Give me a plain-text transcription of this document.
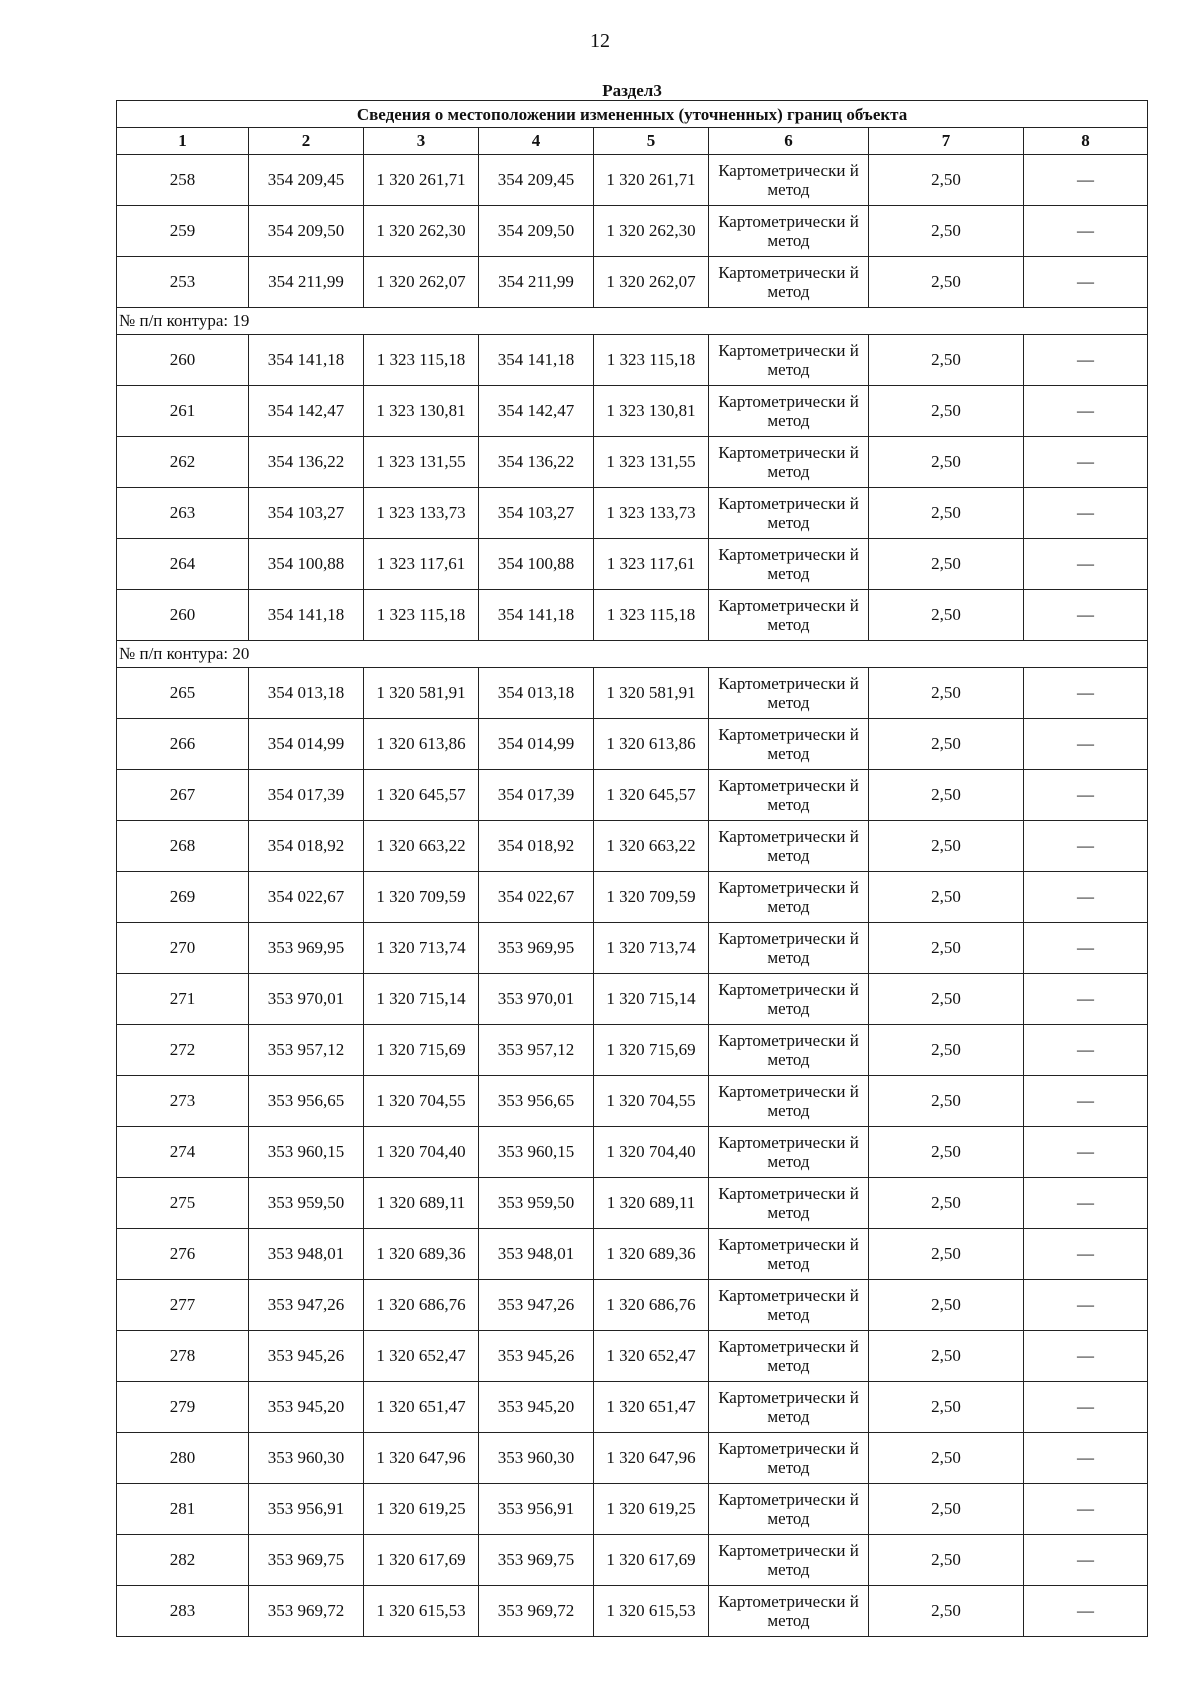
12
Раздел3							
Сведения о местоположении измененных (уточненных) границ объекта							
1	2	3	4	5	6	7	8
258	354 209,45	1 320 261,71	354 209,45	1 320 261,71	Картометрически й метод	2,50	—
259	354 209,50	1 320 262,30	354 209,50	1 320 262,30	Картометрически й метод	2,50	—
253	354 211,99	1 320 262,07	354 211,99	1 320 262,07	Картометрически й метод	2,50	—
№ п/п контура: 19							
260	354 141,18	1 323 115,18	354 141,18	1 323 115,18	Картометрически й метод	2,50	—
261	354 142,47	1 323 130,81	354 142,47	1 323 130,81	Картометрически й метод	2,50	—
262	354 136,22	1 323 131,55	354 136,22	1 323 131,55	Картометрически й метод	2,50	—
263	354 103,27	1 323 133,73	354 103,27	1 323 133,73	Картометрически й метод	2,50	—
264	354 100,88	1 323 117,61	354 100,88	1 323 117,61	Картометрически й метод	2,50	—
260	354 141,18	1 323 115,18	354 141,18	1 323 115,18	Картометрически й метод	2,50	—
№ п/п контура: 20							
265	354 013,18	1 320 581,91	354 013,18	1 320 581,91	Картометрически й метод	2,50	—
266	354 014,99	1 320 613,86	354 014,99	1 320 613,86	Картометрически й метод	2,50	—
267	354 017,39	1 320 645,57	354 017,39	1 320 645,57	Картометрически й метод	2,50	—
268	354 018,92	1 320 663,22	354 018,92	1 320 663,22	Картометрически й метод	2,50	—
269	354 022,67	1 320 709,59	354 022,67	1 320 709,59	Картометрически й метод	2,50	—
270	353 969,95	1 320 713,74	353 969,95	1 320 713,74	Картометрически й метод	2,50	—
271	353 970,01	1 320 715,14	353 970,01	1 320 715,14	Картометрически й метод	2,50	—
272	353 957,12	1 320 715,69	353 957,12	1 320 715,69	Картометрически й метод	2,50	—
273	353 956,65	1 320 704,55	353 956,65	1 320 704,55	Картометрически й метод	2,50	—
274	353 960,15	1 320 704,40	353 960,15	1 320 704,40	Картометрически й метод	2,50	—
275	353 959,50	1 320 689,11	353 959,50	1 320 689,11	Картометрически й метод	2,50	—
276	353 948,01	1 320 689,36	353 948,01	1 320 689,36	Картометрически й метод	2,50	—
277	353 947,26	1 320 686,76	353 947,26	1 320 686,76	Картометрически й метод	2,50	—
278	353 945,26	1 320 652,47	353 945,26	1 320 652,47	Картометрически й метод	2,50	—
279	353 945,20	1 320 651,47	353 945,20	1 320 651,47	Картометрически й метод	2,50	—
280	353 960,30	1 320 647,96	353 960,30	1 320 647,96	Картометрически й метод	2,50	—
281	353 956,91	1 320 619,25	353 956,91	1 320 619,25	Картометрически й метод	2,50	—
282	353 969,75	1 320 617,69	353 969,75	1 320 617,69	Картометрически й метод	2,50	—
283	353 969,72	1 320 615,53	353 969,72	1 320 615,53	Картометрически й метод	2,50	—
